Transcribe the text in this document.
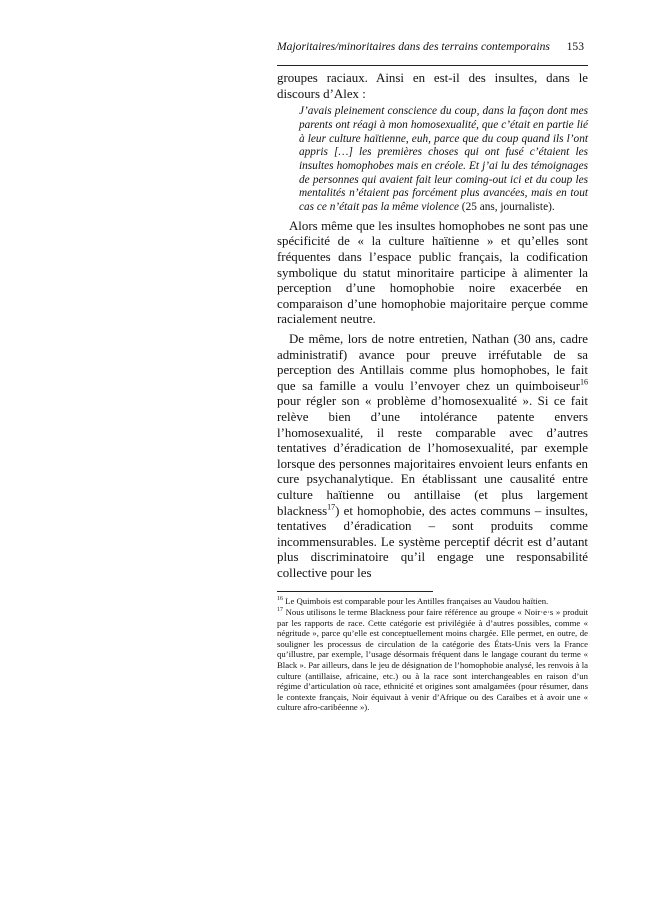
Majoritaires/minoritaires dans des terrains contemporains 153

groupes raciaux. Ainsi en est-il des insultes, dans le discours d’Alex :

J’avais pleinement conscience du coup, dans la façon dont mes parents ont réagi à mon homosexualité, que c’était en partie lié à leur culture haïtienne, euh, parce que du coup quand ils l’ont appris […] les premières choses qui ont fusé c’étaient les insultes homophobes mais en créole. Et j’ai lu des témoignages de personnes qui avaient fait leur coming-out ici et du coup les mentalités n’étaient pas forcément plus avancées, mais en tout cas ce n’était pas la même violence (25 ans, journaliste).

Alors même que les insultes homophobes ne sont pas une spécificité de « la culture haïtienne » et qu’elles sont fréquentes dans l’espace public français, la codification symbolique du statut minoritaire participe à alimenter la perception d’une homophobie noire exacerbée en comparaison d’une homophobie majoritaire perçue comme racialement neutre.

De même, lors de notre entretien, Nathan (30 ans, cadre administratif) avance pour preuve irréfutable de sa perception des Antillais comme plus homophobes, le fait que sa famille a voulu l’envoyer chez un quimboiseur$^{16}$ pour régler son « problème d’homosexualité ». Si ce fait relève bien d’une intolérance patente envers l’homosexualité, il reste comparable avec d’autres tentatives d’éradication de l’homosexualité, par exemple lorsque des personnes majoritaires envoient leurs enfants en cure psychanalytique. En établissant une causalité entre culture haïtienne ou antillaise (et plus largement blackness$^{17}$) et homophobie, des actes communs – insultes, tentatives d’éradication – sont produits comme incommensurables. Le système perceptif décrit est d’autant plus discriminatoire qu’il engage une responsabilité collective pour les

$^{16}$ Le Quimbois est comparable pour les Antilles françaises au Vaudou haïtien.

$^{17}$ Nous utilisons le terme Blackness pour faire référence au groupe « Noir·e·s » produit par les rapports de race. Cette catégorie est privilégiée à d’autres possibles, comme « négritude », parce qu’elle est conceptuellement moins chargée. Elle permet, en outre, de souligner les processus de circulation de la catégorie des États-Unis vers la France qu’illustre, par exemple, l’usage désormais fréquent dans le langage courant du terme « Black ». Par ailleurs, dans le jeu de désignation de l’homophobie analysé, les renvois à la culture (antillaise, africaine, etc.) ou à la race sont interchangeables en raison d’un régime d’articulation où race, ethnicité et origines sont amalgamées (pour résumer, dans le contexte français, Noir équivaut à venir d’Afrique ou des Caraïbes et à avoir une « culture afro-caribéenne »).
